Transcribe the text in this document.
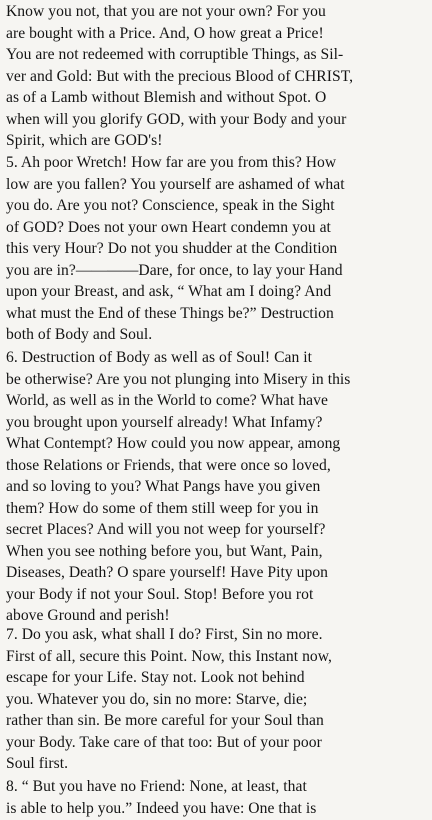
Know you not, that you are not your own? For you
are bought with a Price. And, O how great a Price!
You are not redeemed with corruptible Things, as Sil-
ver and Gold: But with the precious Blood of CHRIST,
as of a Lamb without Blemish and without Spot. O
when will you glorify GOD, with your Body and your
Spirit, which are GOD's!
5. Ah poor Wretch! How far are you from this? How
low are you fallen? You yourself are ashamed of what
you do. Are you not? Conscience, speak in the Sight
of GOD? Does not your own Heart condemn you at
this very Hour? Do not you shudder at the Condition
you are in?————Dare, for once, to lay your Hand
upon your Breast, and ask, “ What am I doing? And
what must the End of these Things be?” Destruction
both of Body and Soul.
6. Destruction of Body as well as of Soul! Can it
be otherwise? Are you not plunging into Misery in this
World, as well as in the World to come? What have
you brought upon yourself already! What Infamy?
What Contempt? How could you now appear, among
those Relations or Friends, that were once so loved,
and so loving to you? What Pangs have you given
them? How do some of them still weep for you in
secret Places? And will you not weep for yourself?
When you see nothing before you, but Want, Pain,
Diseases, Death? O spare yourself! Have Pity upon
your Body if not your Soul. Stop! Before you rot
above Ground and perish!
7. Do you ask, what shall I do? First, Sin no more.
First of all, secure this Point. Now, this Instant now,
escape for your Life. Stay not. Look not behind
you. Whatever you do, sin no more: Starve, die;
rather than sin. Be more careful for your Soul than
your Body. Take care of that too: But of your poor
Soul first.
8. “ But you have no Friend: None, at least, that
is able to help you.” Indeed you have: One that is
